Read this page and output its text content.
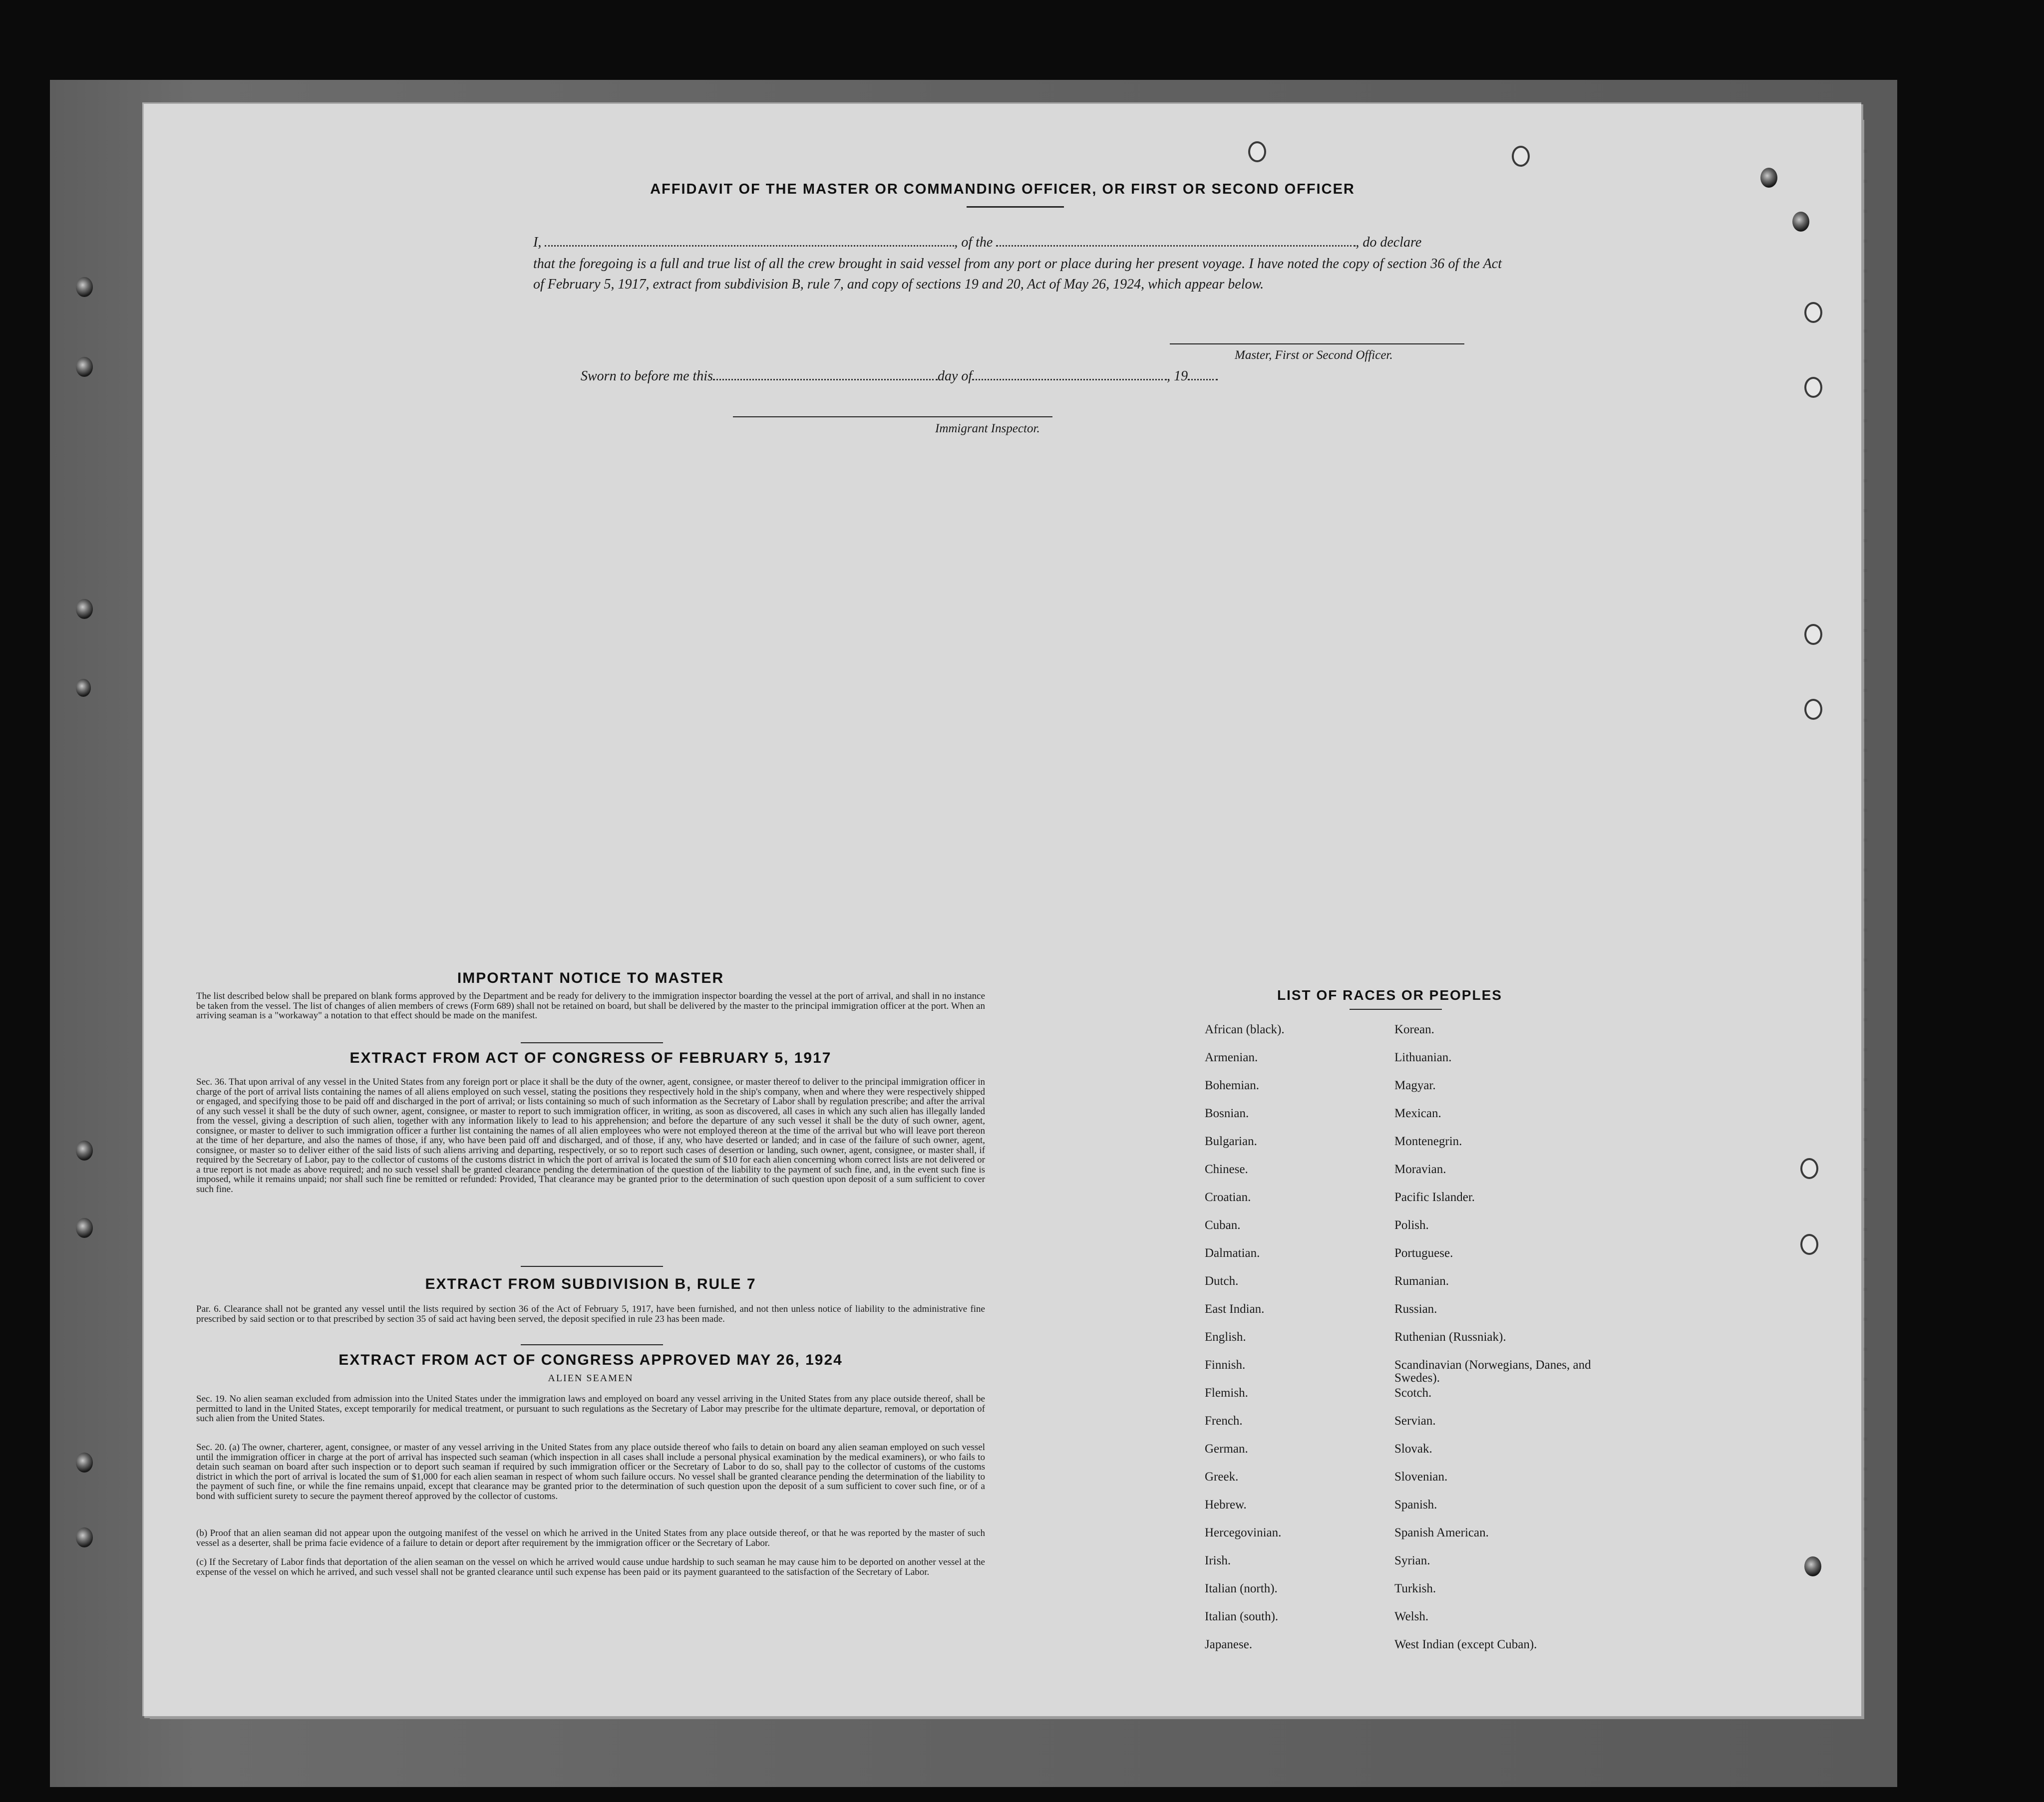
AFFIDAVIT OF THE MASTER OR COMMANDING OFFICER, OR FIRST OR SECOND OFFICER
I,	, of the	, do declare
that the foregoing is a full and true list of all the crew brought in said vessel from any port or place during her present voyage. I have noted the copy of section 36 of the Act of February 5, 1917, extract from subdivision B, rule 7, and copy of sections 19 and 20, Act of May 26, 1924, which appear below.
Master, First or Second Officer.
Sworn to before me this	day of	, 19
Immigrant Inspector.
IMPORTANT NOTICE TO MASTER
The list described below shall be prepared on blank forms approved by the Department and be ready for delivery to the immigration inspector boarding the vessel at the port of arrival, and shall in no instance be taken from the vessel. The list of changes of alien members of crews (Form 689) shall not be retained on board, but shall be delivered by the master to the principal immigration officer at the port. When an arriving seaman is a "workaway" a notation to that effect should be made on the manifest.
EXTRACT FROM ACT OF CONGRESS OF FEBRUARY 5, 1917
Sec. 36. That upon arrival of any vessel in the United States from any foreign port or place it shall be the duty of the owner, agent, consignee, or master thereof to deliver to the principal immigration officer in charge of the port of arrival lists containing the names of all aliens employed on such vessel, stating the positions they respectively hold in the ship's company, when and where they were respectively shipped or engaged, and specifying those to be paid off and discharged in the port of arrival; or lists containing so much of such information as the Secretary of Labor shall by regulation prescribe; and after the arrival of any such vessel it shall be the duty of such owner, agent, consignee, or master to report to such immigration officer, in writing, as soon as discovered, all cases in which any such alien has illegally landed from the vessel, giving a description of such alien, together with any information likely to lead to his apprehension; and before the departure of any such vessel it shall be the duty of such owner, agent, consignee, or master to deliver to such immigration officer a further list containing the names of all alien employees who were not employed thereon at the time of the arrival but who will leave port thereon at the time of her departure, and also the names of those, if any, who have been paid off and discharged, and of those, if any, who have deserted or landed; and in case of the failure of such owner, agent, consignee, or master so to deliver either of the said lists of such aliens arriving and departing, respectively, or so to report such cases of desertion or landing, such owner, agent, consignee, or master shall, if required by the Secretary of Labor, pay to the collector of customs of the customs district in which the port of arrival is located the sum of $10 for each alien concerning whom correct lists are not delivered or a true report is not made as above required; and no such vessel shall be granted clearance pending the determination of the question of the liability to the payment of such fine, and, in the event such fine is imposed, while it remains unpaid; nor shall such fine be remitted or refunded: Provided, That clearance may be granted prior to the determination of such question upon deposit of a sum sufficient to cover such fine.
EXTRACT FROM SUBDIVISION B, RULE 7
Par. 6. Clearance shall not be granted any vessel until the lists required by section 36 of the Act of February 5, 1917, have been furnished, and not then unless notice of liability to the administrative fine prescribed by said section or to that prescribed by section 35 of said act having been served, the deposit specified in rule 23 has been made.
EXTRACT FROM ACT OF CONGRESS APPROVED MAY 26, 1924
ALIEN SEAMEN
Sec. 19. No alien seaman excluded from admission into the United States under the immigration laws and employed on board any vessel arriving in the United States from any place outside thereof, shall be permitted to land in the United States, except temporarily for medical treatment, or pursuant to such regulations as the Secretary of Labor may prescribe for the ultimate departure, removal, or deportation of such alien from the United States.
Sec. 20. (a) The owner, charterer, agent, consignee, or master of any vessel arriving in the United States from any place outside thereof who fails to detain on board any alien seaman employed on such vessel until the immigration officer in charge at the port of arrival has inspected such seaman (which inspection in all cases shall include a personal physical examination by the medical examiners), or who fails to detain such seaman on board after such inspection or to deport such seaman if required by such immigration officer or the Secretary of Labor to do so, shall pay to the collector of customs of the customs district in which the port of arrival is located the sum of $1,000 for each alien seaman in respect of whom such failure occurs. No vessel shall be granted clearance pending the determination of the liability to the payment of such fine, or while the fine remains unpaid, except that clearance may be granted prior to the determination of such question upon the deposit of a sum sufficient to cover such fine, or of a bond with sufficient surety to secure the payment thereof approved by the collector of customs.
(b) Proof that an alien seaman did not appear upon the outgoing manifest of the vessel on which he arrived in the United States from any place outside thereof, or that he was reported by the master of such vessel as a deserter, shall be prima facie evidence of a failure to detain or deport after requirement by the immigration officer or the Secretary of Labor.
(c) If the Secretary of Labor finds that deportation of the alien seaman on the vessel on which he arrived would cause undue hardship to such seaman he may cause him to be deported on another vessel at the expense of the vessel on which he arrived, and such vessel shall not be granted clearance until such expense has been paid or its payment guaranteed to the satisfaction of the Secretary of Labor.
LIST OF RACES OR PEOPLES
African (black).
Armenian.
Bohemian.
Bosnian.
Bulgarian.
Chinese.
Croatian.
Cuban.
Dalmatian.
Dutch.
East Indian.
English.
Finnish.
Flemish.
French.
German.
Greek.
Hebrew.
Hercegovinian.
Irish.
Italian (north).
Italian (south).
Japanese.
Korean.
Lithuanian.
Magyar.
Mexican.
Montenegrin.
Moravian.
Pacific Islander.
Polish.
Portuguese.
Rumanian.
Russian.
Ruthenian (Russniak).
Scandinavian (Norwegians, Danes, and Swedes).
Scotch.
Servian.
Slovak.
Slovenian.
Spanish.
Spanish American.
Syrian.
Turkish.
Welsh.
West Indian (except Cuban).
